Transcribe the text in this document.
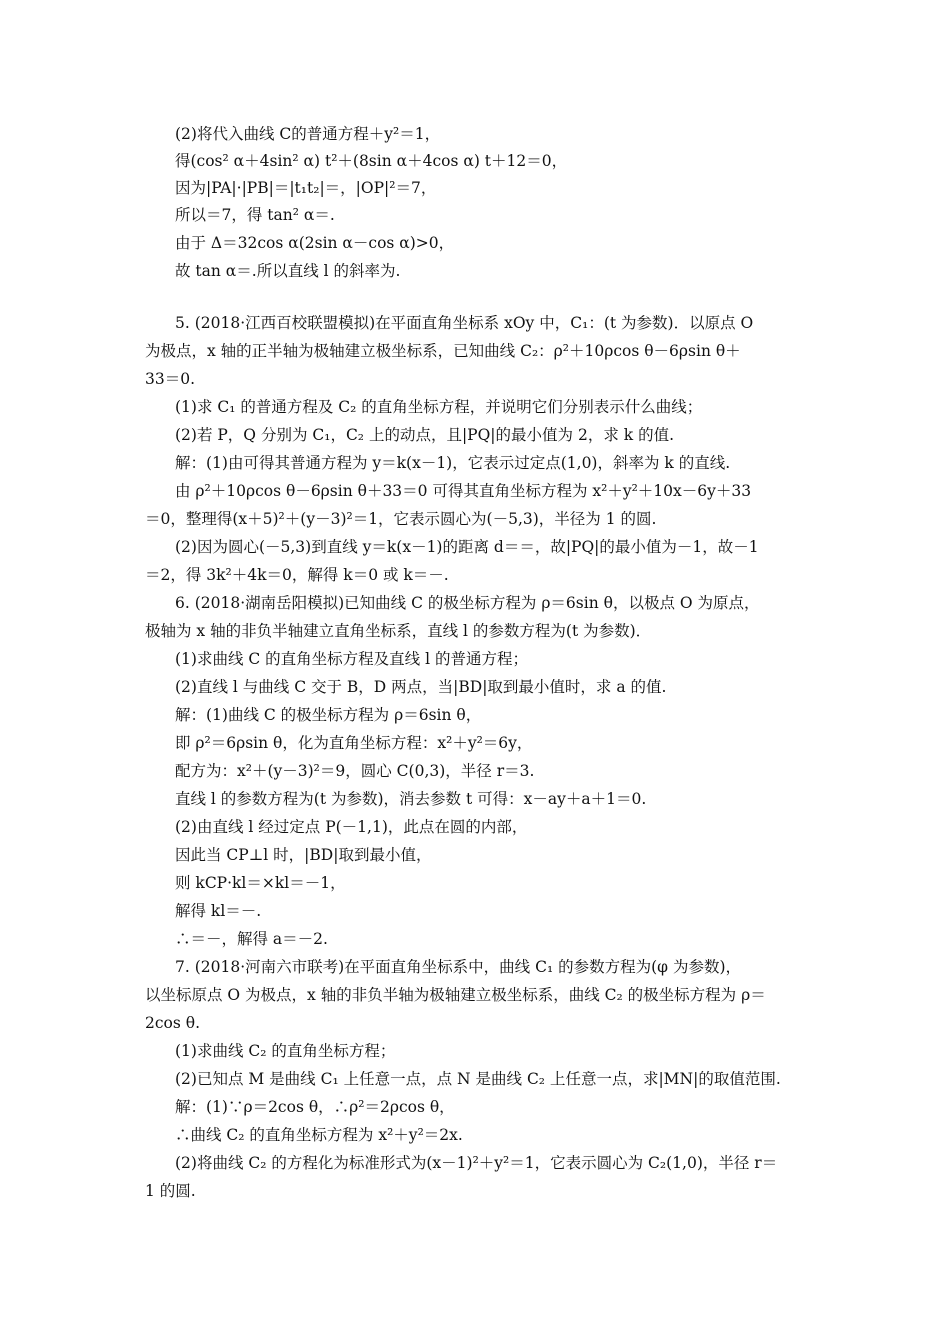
(2)将代入曲线 C的普通方程＋y²＝1，
得(cos² α＋4sin² α) t²＋(8sin α＋4cos α) t＋12＝0，
因为|PA|·|PB|＝|t₁t₂|＝，|OP|²＝7，
所以＝7，得 tan² α＝.
由于 Δ＝32cos α(2sin α－cos α)>0，
故 tan α＝.所以直线 l 的斜率为.
5. (2018·江西百校联盟模拟)在平面直角坐标系 xOy 中，C₁：(t 为参数)．以原点 O
为极点，x 轴的正半轴为极轴建立极坐标系，已知曲线 C₂：ρ²＋10ρcos θ－6ρsin θ＋
33＝0.
(1)求 C₁ 的普通方程及 C₂ 的直角坐标方程，并说明它们分别表示什么曲线；
(2)若 P，Q 分别为 C₁，C₂ 上的动点，且|PQ|的最小值为 2，求 k 的值.
解：(1)由可得其普通方程为 y＝k(x－1)，它表示过定点(1,0)，斜率为 k 的直线.
由 ρ²＋10ρcos θ－6ρsin θ＋33＝0 可得其直角坐标方程为 x²＋y²＋10x－6y＋33
＝0，整理得(x＋5)²＋(y－3)²＝1，它表示圆心为(－5,3)，半径为 1 的圆.
(2)因为圆心(－5,3)到直线 y＝k(x－1)的距离 d＝＝，故|PQ|的最小值为－1，故－1
＝2，得 3k²＋4k＝0，解得 k＝0 或 k＝－.
6. (2018·湖南岳阳模拟)已知曲线 C 的极坐标方程为 ρ＝6sin θ，以极点 O 为原点，
极轴为 x 轴的非负半轴建立直角坐标系，直线 l 的参数方程为(t 为参数)．
(1)求曲线 C 的直角坐标方程及直线 l 的普通方程；
(2)直线 l 与曲线 C 交于 B，D 两点，当|BD|取到最小值时，求 a 的值.
解：(1)曲线 C 的极坐标方程为 ρ＝6sin θ，
即 ρ²＝6ρsin θ，化为直角坐标方程：x²＋y²＝6y，
配方为：x²＋(y－3)²＝9，圆心 C(0,3)，半径 r＝3.
直线 l 的参数方程为(t 为参数)，消去参数 t 可得：x－ay＋a＋1＝0.
(2)由直线 l 经过定点 P(－1,1)，此点在圆的内部，
因此当 CP⊥l 时，|BD|取到最小值，
则 kCP·kl＝×kl＝－1，
解得 kl＝－.
∴＝－，解得 a＝－2.
7. (2018·河南六市联考)在平面直角坐标系中，曲线 C₁ 的参数方程为(φ 为参数)，
以坐标原点 O 为极点，x 轴的非负半轴为极轴建立极坐标系，曲线 C₂ 的极坐标方程为 ρ＝
2cos θ.
(1)求曲线 C₂ 的直角坐标方程；
(2)已知点 M 是曲线 C₁ 上任意一点，点 N 是曲线 C₂ 上任意一点，求|MN|的取值范围.
解：(1)∵ρ＝2cos θ，∴ρ²＝2ρcos θ，
∴曲线 C₂ 的直角坐标方程为 x²＋y²＝2x.
(2)将曲线 C₂ 的方程化为标准形式为(x－1)²＋y²＝1，它表示圆心为 C₂(1,0)，半径 r＝
1 的圆.
